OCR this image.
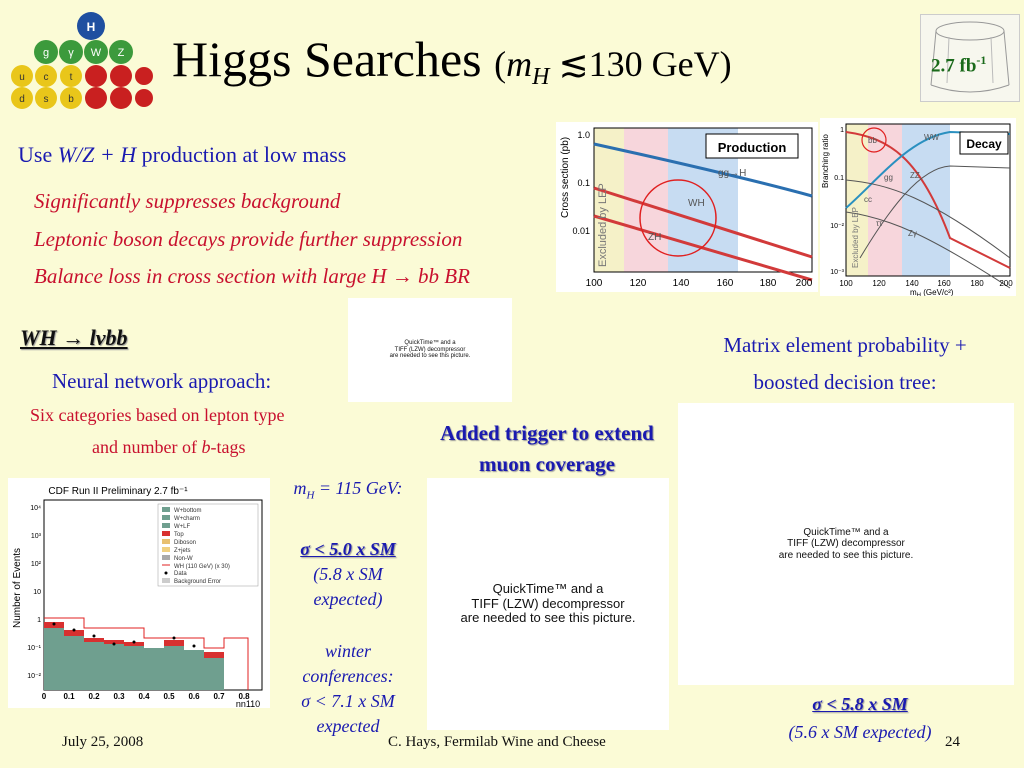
H
g γ W Z
u c t
d s b
Higgs Searches ($m_H$ ≲130 GeV)	2.7 $fb^{-1}$
Use W/Z + H production at low mass
Significantly suppresses background
Leptonic boson decays provide further suppression
Balance loss in cross section with large H → bb BR
Production
gg→H
WH
ZH
Excluded by LEP
Cross section (pb)
1.0
0.1
0.01
100	120	140	160	180 200
Decay
bb	WW
ZZ
gg
ττ
cc
Zγ
Excluded by LEP
Branching ratio
1
0.1
10⁻²
10⁻³
100 120 140 160 180 200
$m_H$ (GeV/c²)
WH → lνbb
Neural network approach:
Six categories based on lepton type
and number of b-tags
QuickTime™ and a
TIFF (LZW) decompressor
are needed to see this picture.
CDF Run II Preliminary 2.7 fb⁻¹
W+bottom
W+charm
W+LF
Top
Diboson
Z+jets
Non-W
WH (110 GeV) (x 30)
Data
Background Error
Number of Events
10⁴
10³
10²
10
1
10⁻¹
10⁻²
0 0.1 0.2 0.3 0.4 0.5 0.6 0.7 0.8
nn110
$m_H = 115$ GeV:
σ < 5.0 x SM
(5.8 x SM
expected)
winter
conferences:
σ < 7.1 x SM
expected
Added trigger to extend
muon coverage
QuickTime™ and a
TIFF (LZW) decompressor
are needed to see this picture.
Matrix element probability +
boosted decision tree:
QuickTime™ and a
TIFF (LZW) decompressor
are needed to see this picture.
σ < 5.8 x SM
(5.6 x SM expected)
July 25, 2008	C. Hays, Fermilab Wine and Cheese	24
